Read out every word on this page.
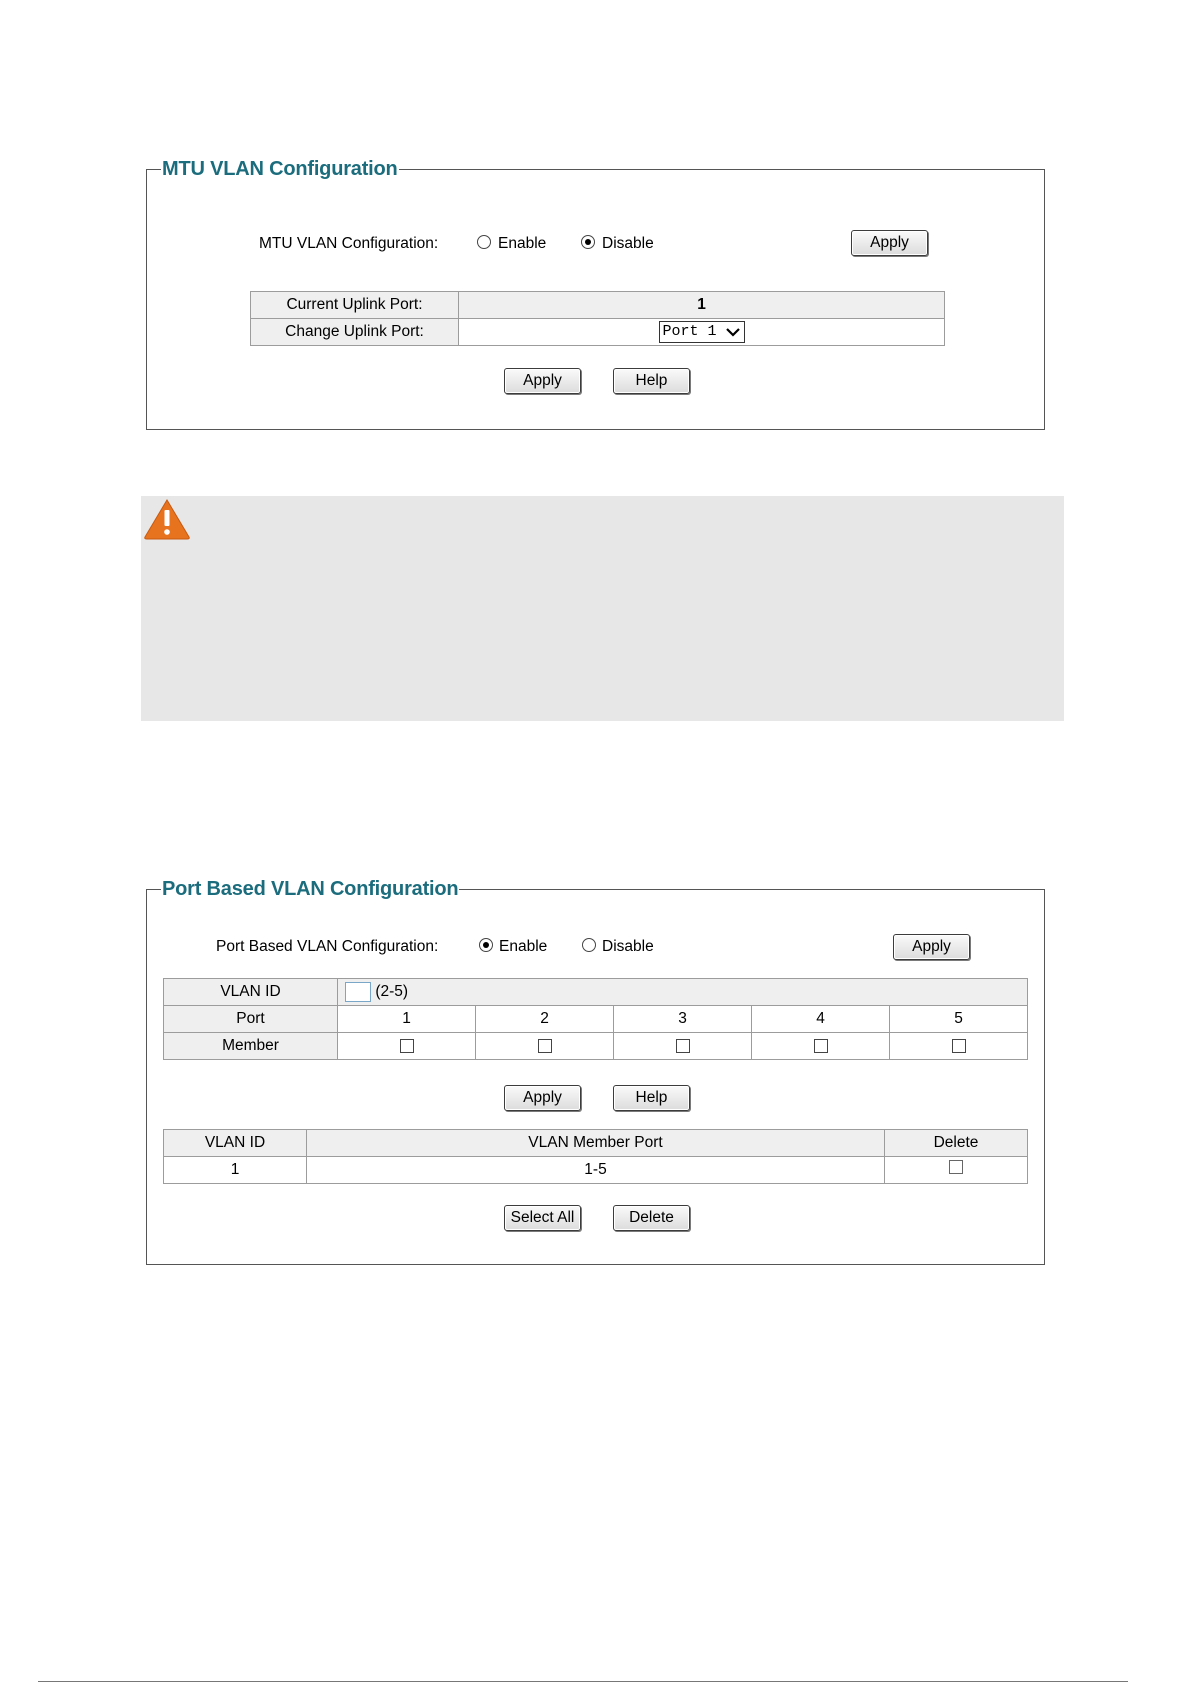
MTU VLAN Configuration
MTU VLAN Configuration:	Enable	Disable	Apply
Current Uplink Port:	1
Change Uplink Port:	Port 1
Apply	Help
Port Based VLAN Configuration
Port Based VLAN Configuration:	Enable	Disable	Apply
VLAN ID	(2-5)				
Port	1	2	3	4	5
Member					
Apply	Help
VLAN ID	VLAN Member Port	Delete
1	1-5	
Select All	Delete
